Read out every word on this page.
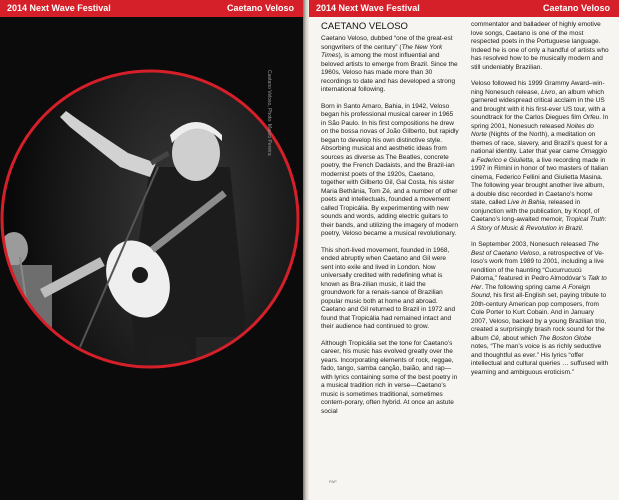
2014 Next Wave Festival	Caetano Veloso
Caetano Veloso, Photo: Mauro Pereira
2014 Next Wave Festival	Caetano Veloso
CAETANO VELOSO

Caetano Veloso, dubbed “one of the great-est songwriters of the century” (The New York Times), is among the most influential and beloved artists to emerge from Brazil. Since the 1960s, Veloso has made more than 30 recordings to date and has developed a strong international following.

Born in Santo Amaro, Bahia, in 1942, Veloso began his professional musical career in 1965 in São Paulo. In his first compositions he drew on the bossa novas of João Gilberto, but rapidly began to develop his own distinctive style. Absorbing musical and aesthetic ideas from sources as diverse as The Beatles, concrete poetry, the French Dadaists, and the Brazil-ian modernist poets of the 1920s, Caetano, together with Gilberto Gil, Gal Costa, his sister Maria Bethânia, Tom Zé, and a number of other poets and intellectuals, founded a movement called Tropicália. By experimenting with new sounds and words, adding electric guitars to their bands, and utilizing the imagery of modern poetry, Veloso became a musical revolutionary.

This short-lived movement, founded in 1968, ended abruptly when Caetano and Gil were sent into exile and lived in London. Now universally credited with redefining what is known as Bra-zilian music, it laid the groundwork for a renais-sance of Brazilian popular music both at home and abroad. Caetano and Gil returned to Brazil in 1972 and found that Tropicália had remained intact and their audience had continued to grow.

Although Tropicália set the tone for Caetano’s career, his music has evolved greatly over the years. Incorporating elements of rock, reggae, fado, tango, samba canção, baião, and rap—with lyrics containing some of the best poetry in a musical tradition rich in verse—Caetano’s music is sometimes traditional, sometimes contem-porary, often hybrid. At once an astute social

PAP

commentator and balladeer of highly emotive love songs, Caetano is one of the most respected poets in the Portuguese language. Indeed he is one of only a handful of artists who has resolved how to be musically modern and still undeniably Brazilian.

Veloso followed his 1999 Grammy Award–win-ning Nonesuch release, Livro, an album which garnered widespread critical acclaim in the US and brought with it his first-ever US tour, with a soundtrack for the Carlos Diegues film Orfeu. In spring 2001, Nonesuch released Noites do Norte (Nights of the North), a meditation on themes of race, slavery, and Brazil’s quest for a national identity. Later that year came Omaggio a Federico e Giulietta, a live recording made in 1997 in Rimini in honor of two masters of Italian cinema, Federico Fellini and Giulietta Masina. The following year brought another live album, a double disc recorded in Caetano’s home state, called Live in Bahia, released in conjunction with the publication, by Knopf, of Caetano’s long-awaited memoir, Tropical Truth: A Story of Music & Revolution in Brazil.

In September 2003, Nonesuch released The Best of Caetano Veloso, a retrospective of Ve-loso’s work from 1989 to 2001, including a live rendition of the haunting “Cucurrucucú Paloma,” featured in Pedro Almodóvar’s Talk to Her. The following spring came A Foreign Sound, his first all-English set, paying tribute to 20th-century American pop composers, from Cole Porter to Kurt Cobain. And in January 2007, Veloso, backed by a young Brazilian trio, created a surprisingly brash rock sound for the album Cê, about which The Boston Globe notes, “The man’s voice is as richly seductive and thoughtful as ever.” His lyrics “offer intellectual and cultural queries … suffused with yearning and ambiguous eroticism.”
